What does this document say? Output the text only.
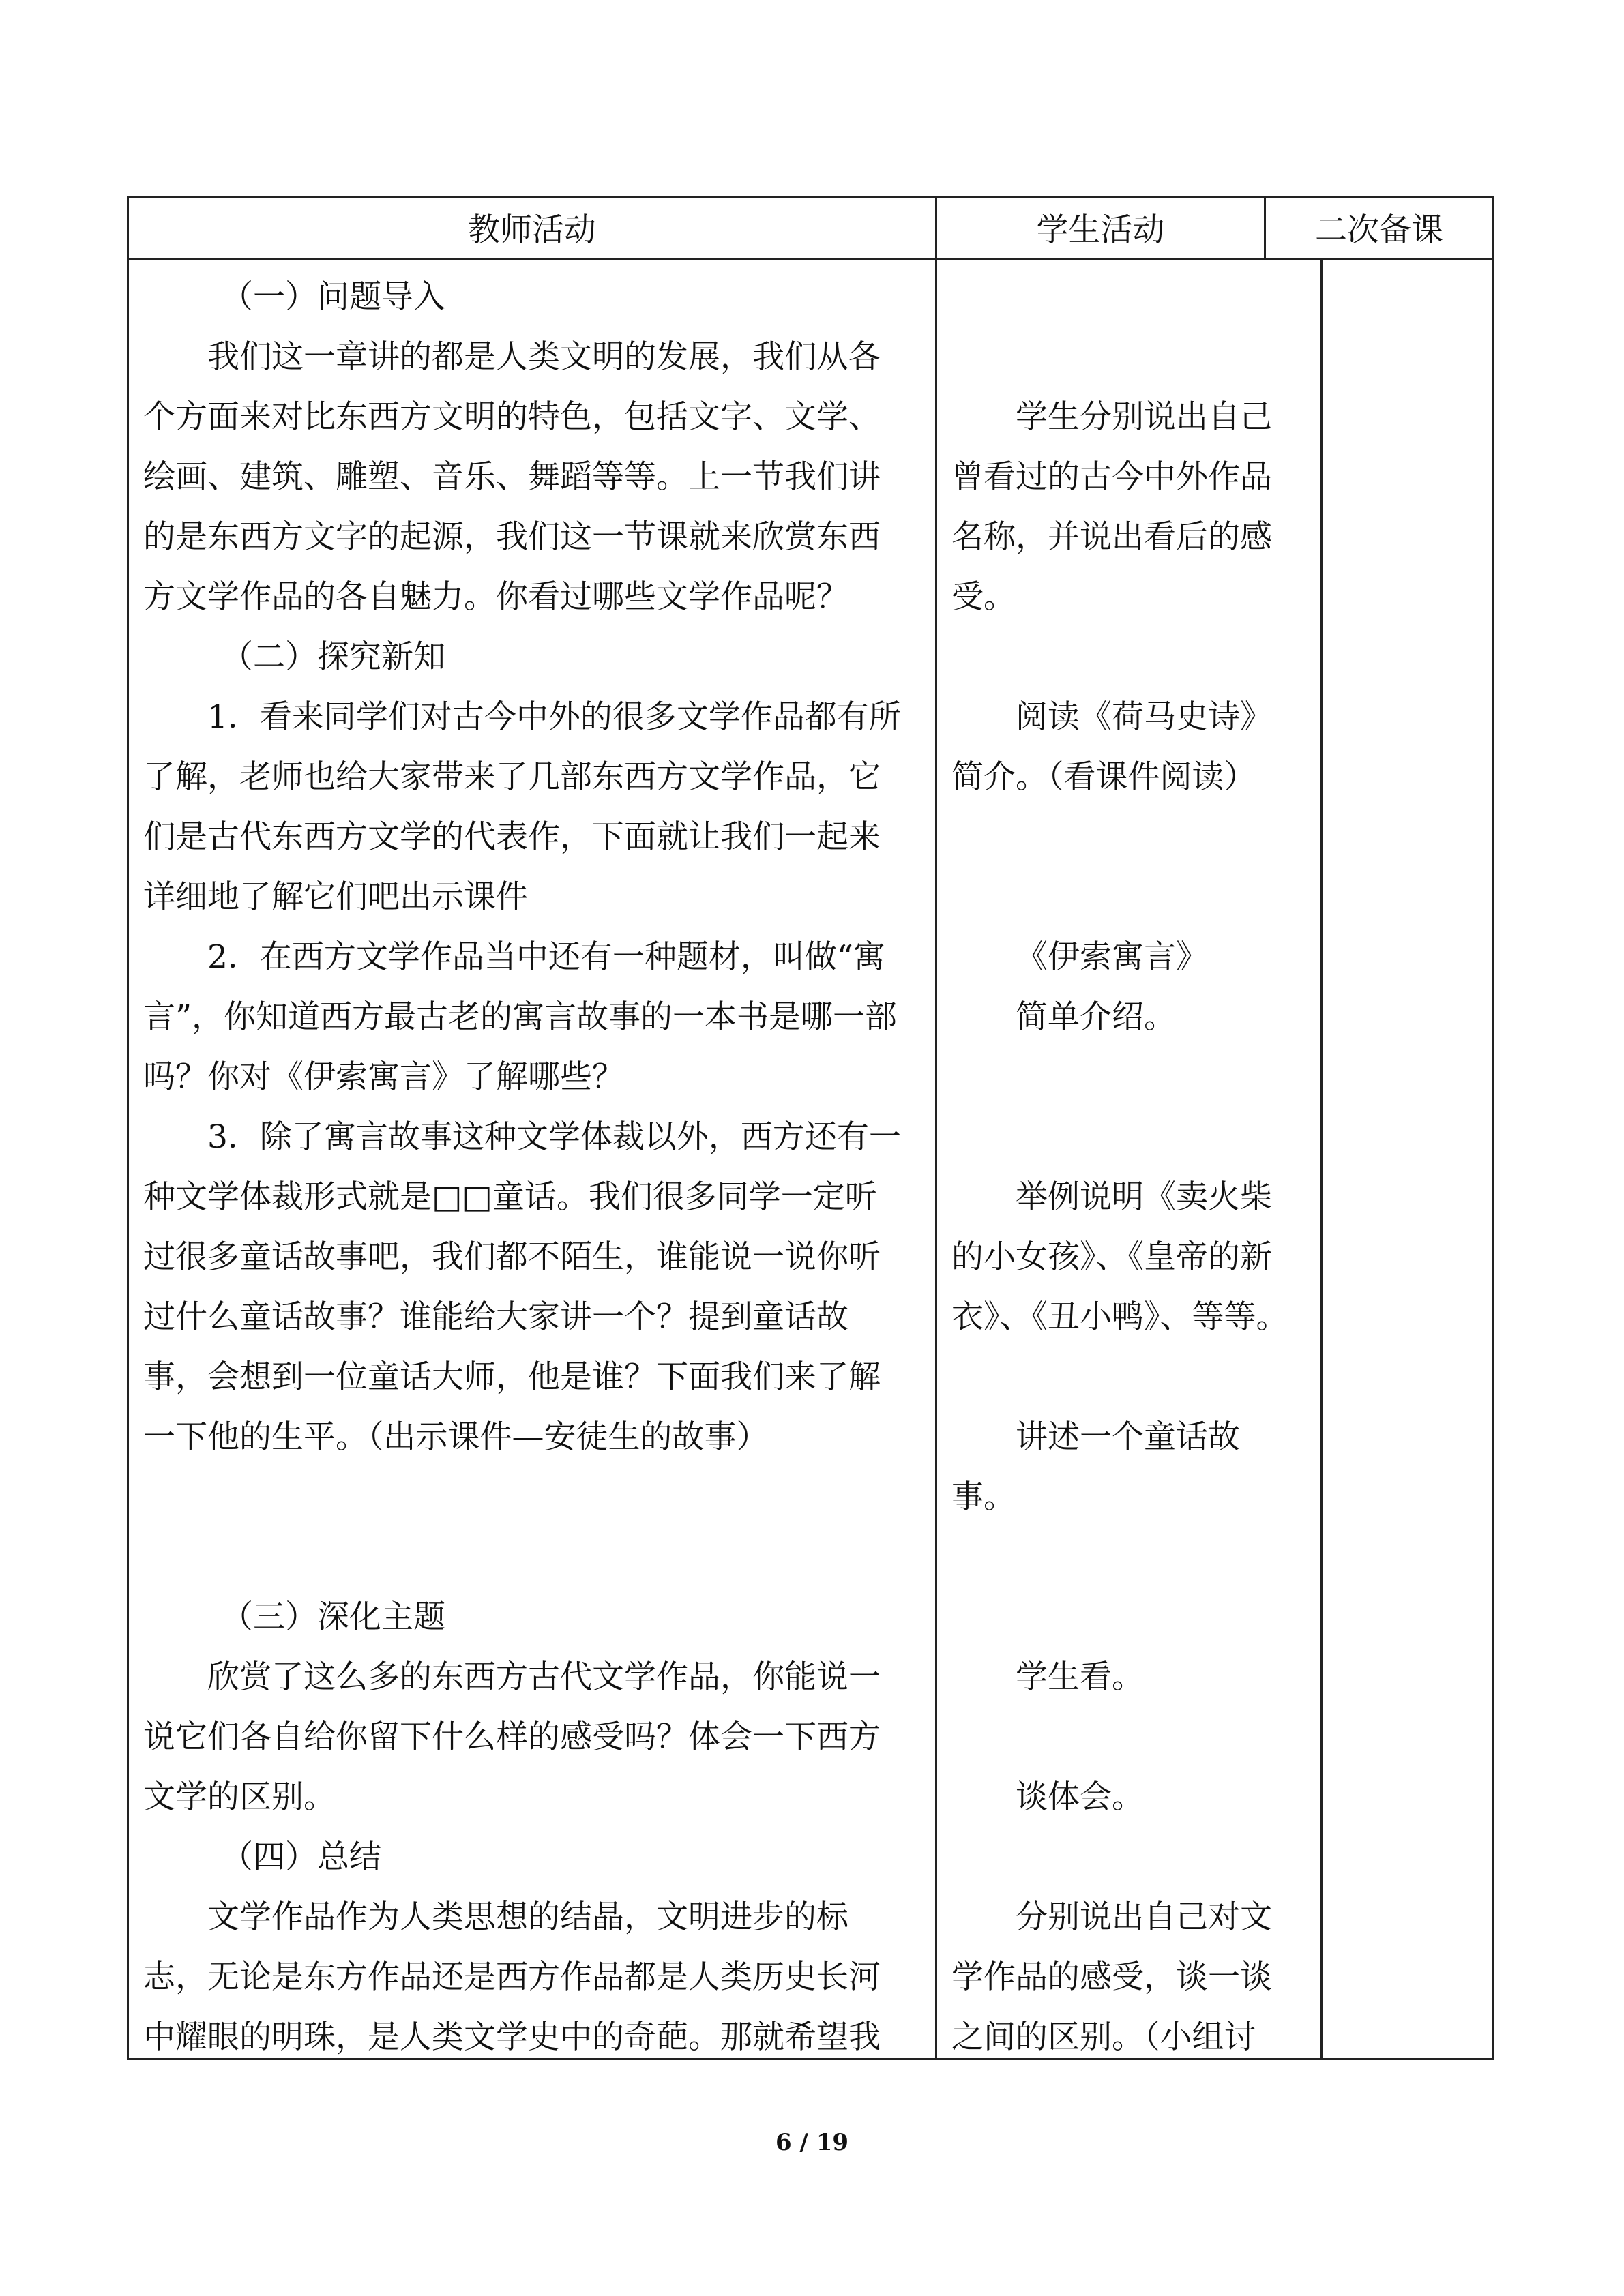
教师活动	学生活动	二次备课

（一）问题导入

我们这一章讲的都是人类文明的发展，我们从各

个方面来对比东西方文明的特色，包括文字、文学、

绘画、建筑、雕塑、音乐、舞蹈等等。上一节我们讲

的是东西方文字的起源，我们这一节课就来欣赏东西

方文学作品的各自魅力。你看过哪些文学作品呢？

（二）探究新知

1．看来同学们对古今中外的很多文学作品都有所

了解，老师也给大家带来了几部东西方文学作品，它

们是古代东西方文学的代表作，下面就让我们一起来

详细地了解它们吧出示课件

2．在西方文学作品当中还有一种题材，叫做“寓

言”，你知道西方最古老的寓言故事的一本书是哪一部

吗？你对《伊索寓言》了解哪些？

3．除了寓言故事这种文学体裁以外，西方还有一

种文学体裁形式就是□□童话。我们很多同学一定听

过很多童话故事吧，我们都不陌生，谁能说一说你听

过什么童话故事？谁能给大家讲一个？提到童话故

事，会想到一位童话大师，他是谁？下面我们来了解

一下他的生平。（出示课件—安徒生的故事）

（三）深化主题

欣赏了这么多的东西方古代文学作品，你能说一

说它们各自给你留下什么样的感受吗？体会一下西方

文学的区别。

（四）总结

文学作品作为人类思想的结晶，文明进步的标

志，无论是东方作品还是西方作品都是人类历史长河

中耀眼的明珠，是人类文学史中的奇葩。那就希望我

学生分别说出自己

曾看过的古今中外作品

名称，并说出看后的感

受。

阅读《荷马史诗》

简介。（看课件阅读）

《伊索寓言》

简单介绍。

举例说明《卖火柴

的小女孩》、《皇帝的新

衣》、《丑小鸭》、等等。

讲述一个童话故

事。

学生看。

谈体会。

分别说出自己对文

学作品的感受，谈一谈

之间的区别。（小组讨

6 / 19
